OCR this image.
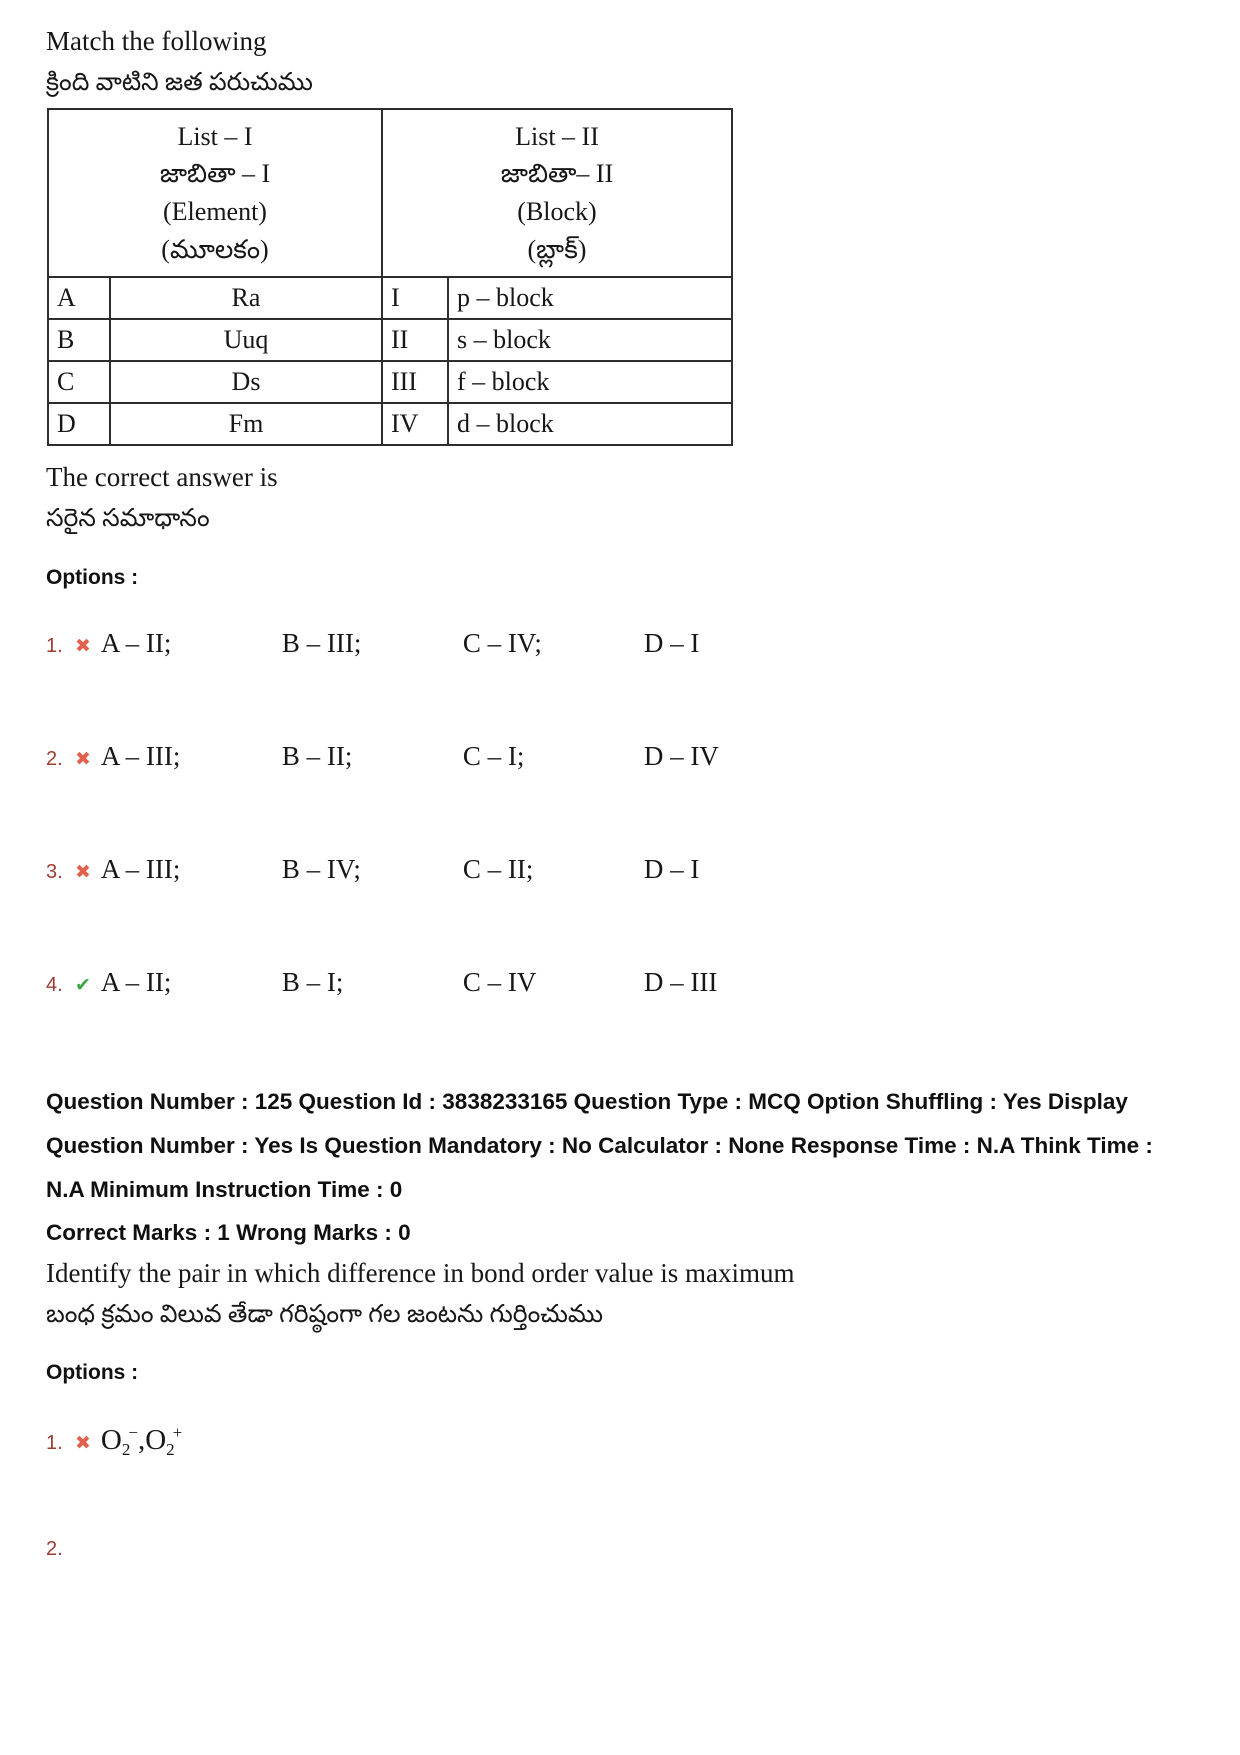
Match the following

క్రింది వాటిని జత పరుచుము

List – I
జాబితా – I
(Element)
(మూలకం)

List – II
జాబితా– II
(Block)
(బ్లాక్)

A	Ra	I	p – block
B	Uuq	II	s – block
C	Ds	III	f – block
D	Fm	IV	d – block

The correct answer is

సరైన సమాధానం

Options :

1. ✖ A – II;	B – III;	C – IV;	D – I
2. ✖ A – III;	B – II;	C – I;	D – IV
3. ✖ A – III;	B – IV;	C – II;	D – I
4. ✔ A – II;	B – I;	C – IV	D – III

Question Number : 125 Question Id : 3838233165 Question Type : MCQ Option Shuffling : Yes Display Question Number : Yes Is Question Mandatory : No Calculator : None Response Time : N.A Think Time : N.A Minimum Instruction Time : 0

Correct Marks : 1 Wrong Marks : 0

Identify the pair in which difference in bond order value is maximum

బంధ క్రమం విలువ తేడా గరిష్ఠంగా గల జంటను గుర్తించుము

Options :

1. ✖ $O_2^-,O_2^+$
2.
